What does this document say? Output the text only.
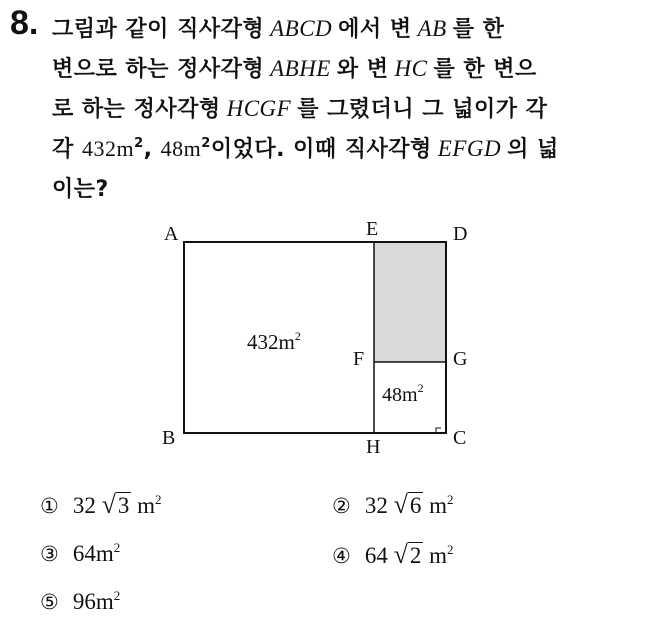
8. 그림과 같이 직사각형 ABCD 에서 변 AB 를 한
변으로 하는 정사각형 ABHE 와 변 HC 를 한 변으
로 하는 정사각형 HCGF 를 그렸더니 그 넓이가 각
각 $432m^2$, $48m^2$이었다. 이때 직사각형 EFGD 의 넓
이는?
A
B	C
D
E
F	G
H
$432m^2$
$48m^2$
① 32 √3 $m^2$	② 32 √6 $m^2$
③ $64m^2$	④ 64 √2 $m^2$
⑤ $96m^2$
